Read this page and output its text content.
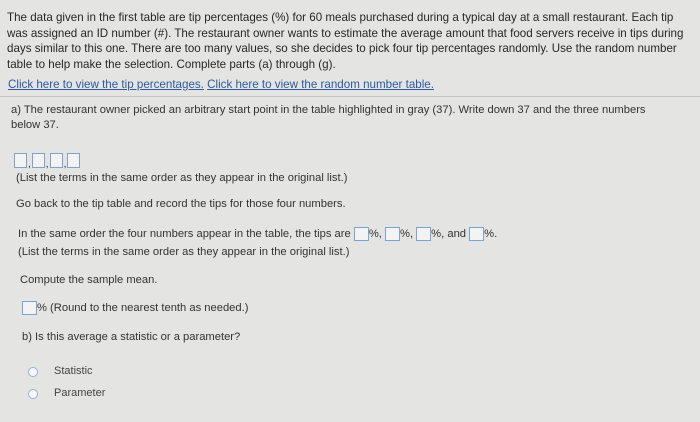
The data given in the first table are tip percentages (%) for 60 meals purchased during a typical day at a small restaurant. Each tip was assigned an ID number (#). The restaurant owner wants to estimate the average amount that food servers receive in tips during days similar to this one. There are too many values, so she decides to pick four tip percentages randomly. Use the random number table to help make the selection. Complete parts (a) through (g).
Click here to view the tip percentages. Click here to view the random number table.
a) The restaurant owner picked an arbitrary start point in the table highlighted in gray (37). Write down 37 and the three numbers below 37.
, , ,
(List the terms in the same order as they appear in the original list.)
Go back to the tip table and record the tips for those four numbers.
In the same order the four numbers appear in the table, the tips are %, %, %, and %.
(List the terms in the same order as they appear in the original list.)
Compute the sample mean.
% (Round to the nearest tenth as needed.)
b) Is this average a statistic or a parameter?
Statistic
Parameter
